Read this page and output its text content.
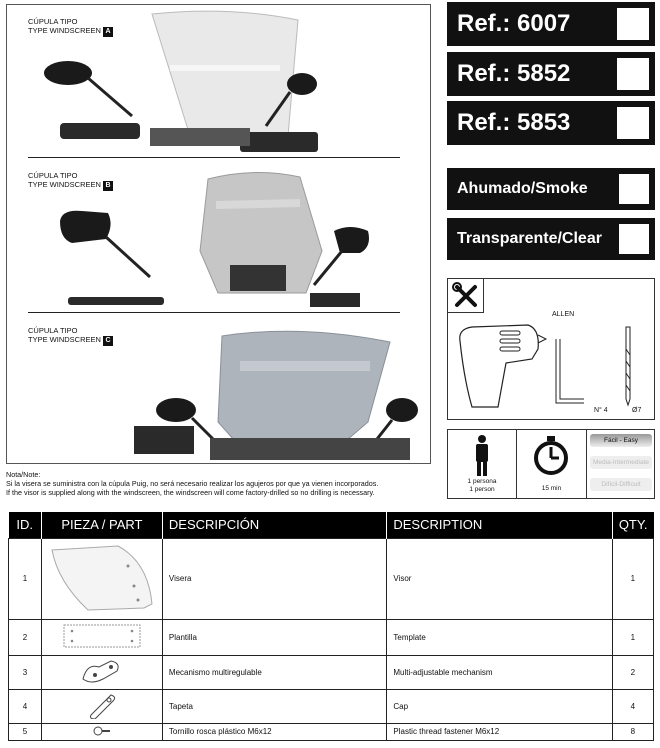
CÚPULA TIPO
TYPE WINDSCREEN A
CÚPULA TIPO
TYPE WINDSCREEN B
CÚPULA TIPO
TYPE WINDSCREEN C
Ref.: 6007
Ref.: 5852
Ref.: 5853
Ahumado/Smoke
Transparente/Clear
ALLEN
N° 4	Ø7
1 persona
1 person	15 min
Fácil - Easy
Media-Intermediate
Difícil-Difficult
Nota/Note:
Si la visera se suministra con la cúpula Puig, no será necesario realizar los agujeros por que ya vienen incorporados.
If the visor is supplied along with the windscreen, the windscreen will come factory-drilled so no drilling is necessary.
ID.	PIEZA / PART	DESCRIPCIÓN	DESCRIPTION	QTY.
1		Visera	Visor	1
2		Plantilla	Template	1
3		Mecanismo multiregulable	Multi-adjustable mechanism	2
4		Tapeta	Cap	4
5		Tornillo rosca plástico M6x12	Plastic thread fastener M6x12	8
